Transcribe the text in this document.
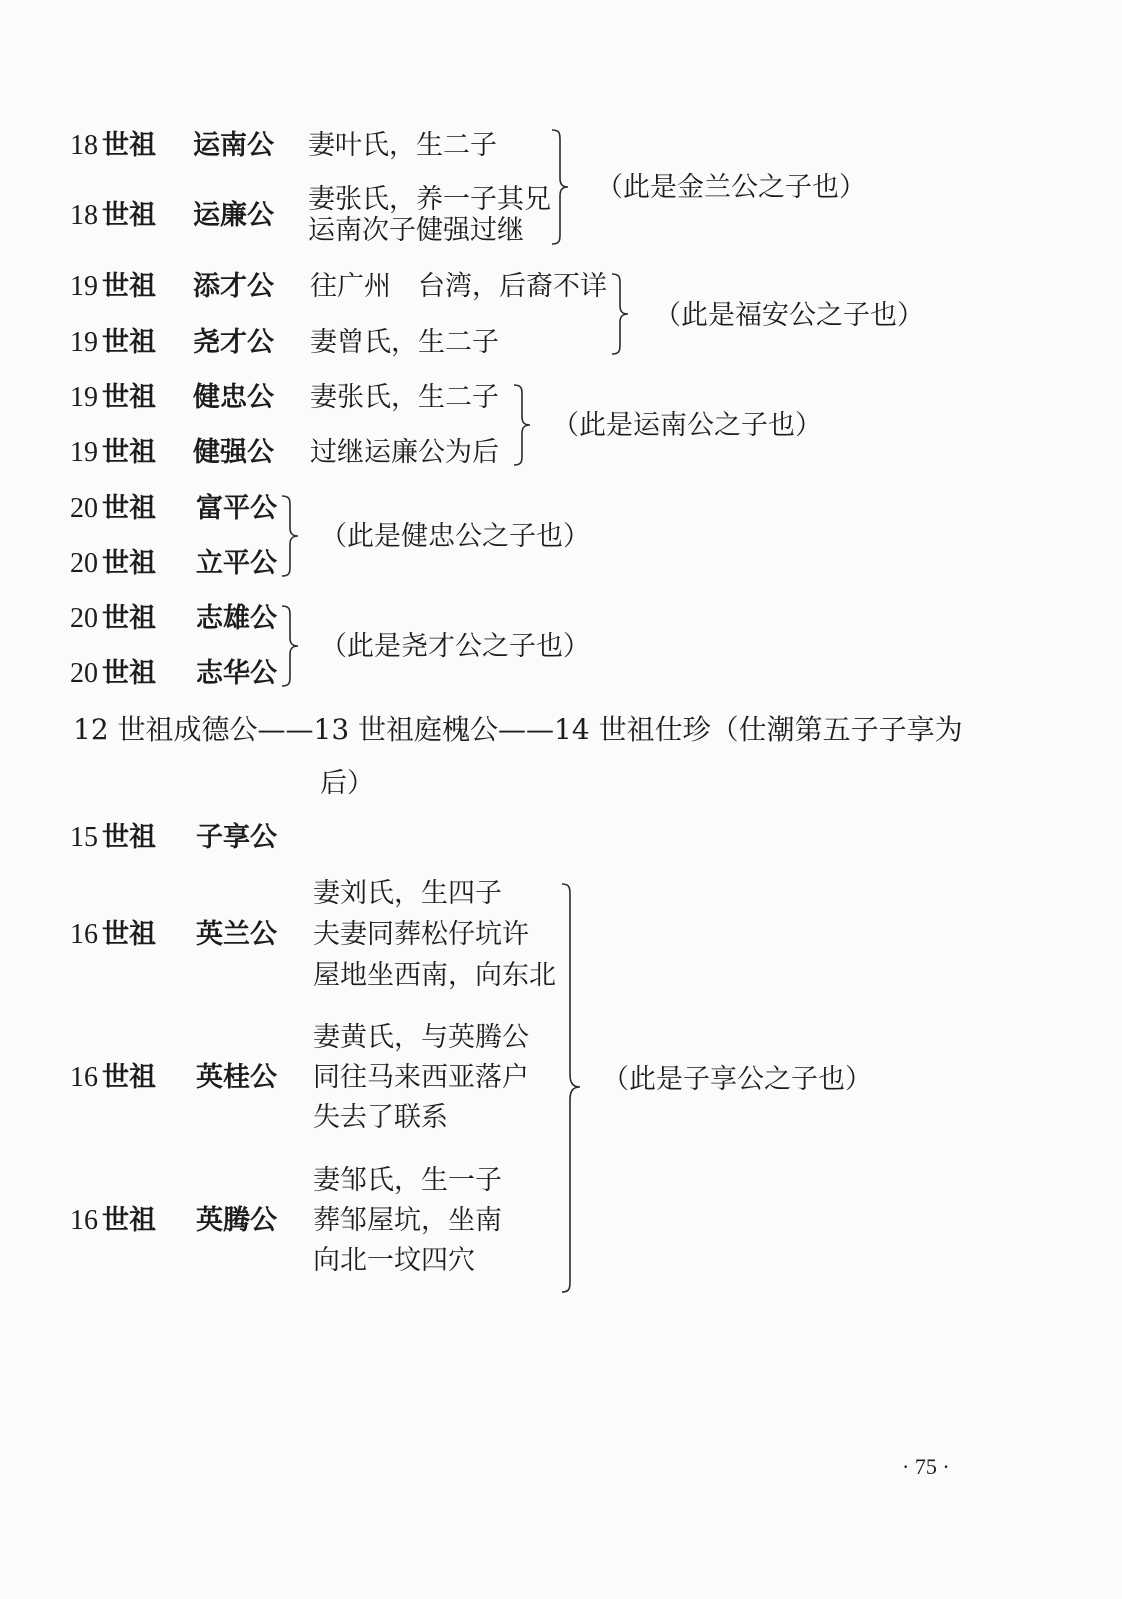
18 世祖 运南公 妻叶氏，生二子
18 世祖 运廉公
妻张氏，养一子其兄
运南次子健强过继
（此是金兰公之子也）
19 世祖 添才公 往广州　台湾，后裔不详
19 世祖 尧才公 妻曾氏，生二子
（此是福安公之子也）
19 世祖 健忠公 妻张氏，生二子
19 世祖 健强公 过继运廉公为后
（此是运南公之子也）
20 世祖 富平公
20 世祖 立平公
（此是健忠公之子也）
20 世祖 志雄公
20 世祖 志华公
（此是尧才公之子也）
12 世祖成德公——13 世祖庭槐公——14 世祖仕珍（仕潮第五子子享为
后）
15 世祖 子享公
16 世祖 英兰公
妻刘氏，生四子
夫妻同葬松仔坑许
屋地坐西南，向东北
16 世祖 英桂公
妻黄氏，与英腾公
同往马来西亚落户
失去了联系
16 世祖 英腾公
妻邹氏，生一子
葬邹屋坑，坐南
向北一坟四穴
（此是子享公之子也）
· 75 ·
